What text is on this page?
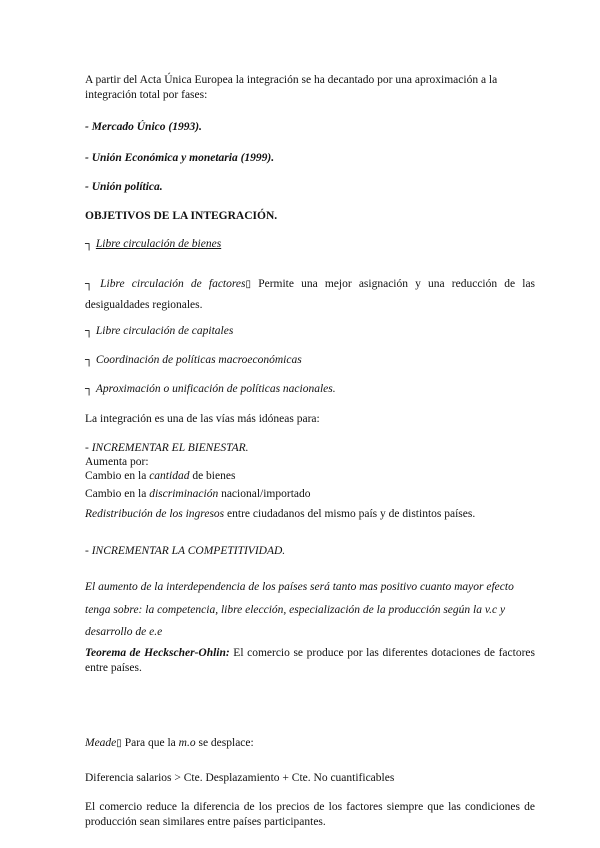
A partir del Acta Única Europea la integración se ha decantado por una aproximación a la integración total por fases:
- Mercado Único (1993).
- Unión Económica y monetaria (1999).
- Unión política.
OBJETIVOS DE LA INTEGRACIÓN.
┐ Libre circulación de bienes
┐ Libre circulación de factores▯ Permite una mejor asignación y una reducción de las desigualdades regionales.
┐ Libre circulación de capitales
┐ Coordinación de políticas macroeconómicas
┐ Aproximación o unificación de políticas nacionales.
La integración es una de las vías más idóneas para:
- INCREMENTAR EL BIENESTAR.
Aumenta por:
Cambio en la cantidad de bienes
Cambio en la discriminación nacional/importado
Redistribución de los ingresos entre ciudadanos del mismo país y de distintos países.
- INCREMENTAR LA COMPETITIVIDAD.
El aumento de la interdependencia de los países será tanto mas positivo cuanto mayor efecto
tenga sobre: la competencia, libre elección, especialización de la producción según la v.c y
desarrollo de e.e
Teorema de Heckscher-Ohlin: El comercio se produce por las diferentes dotaciones de factores entre países.
Meade▯ Para que la m.o se desplace:
Diferencia salarios > Cte. Desplazamiento + Cte. No cuantificables
El comercio reduce la diferencia de los precios de los factores siempre que las condiciones de producción sean similares entre países participantes.
